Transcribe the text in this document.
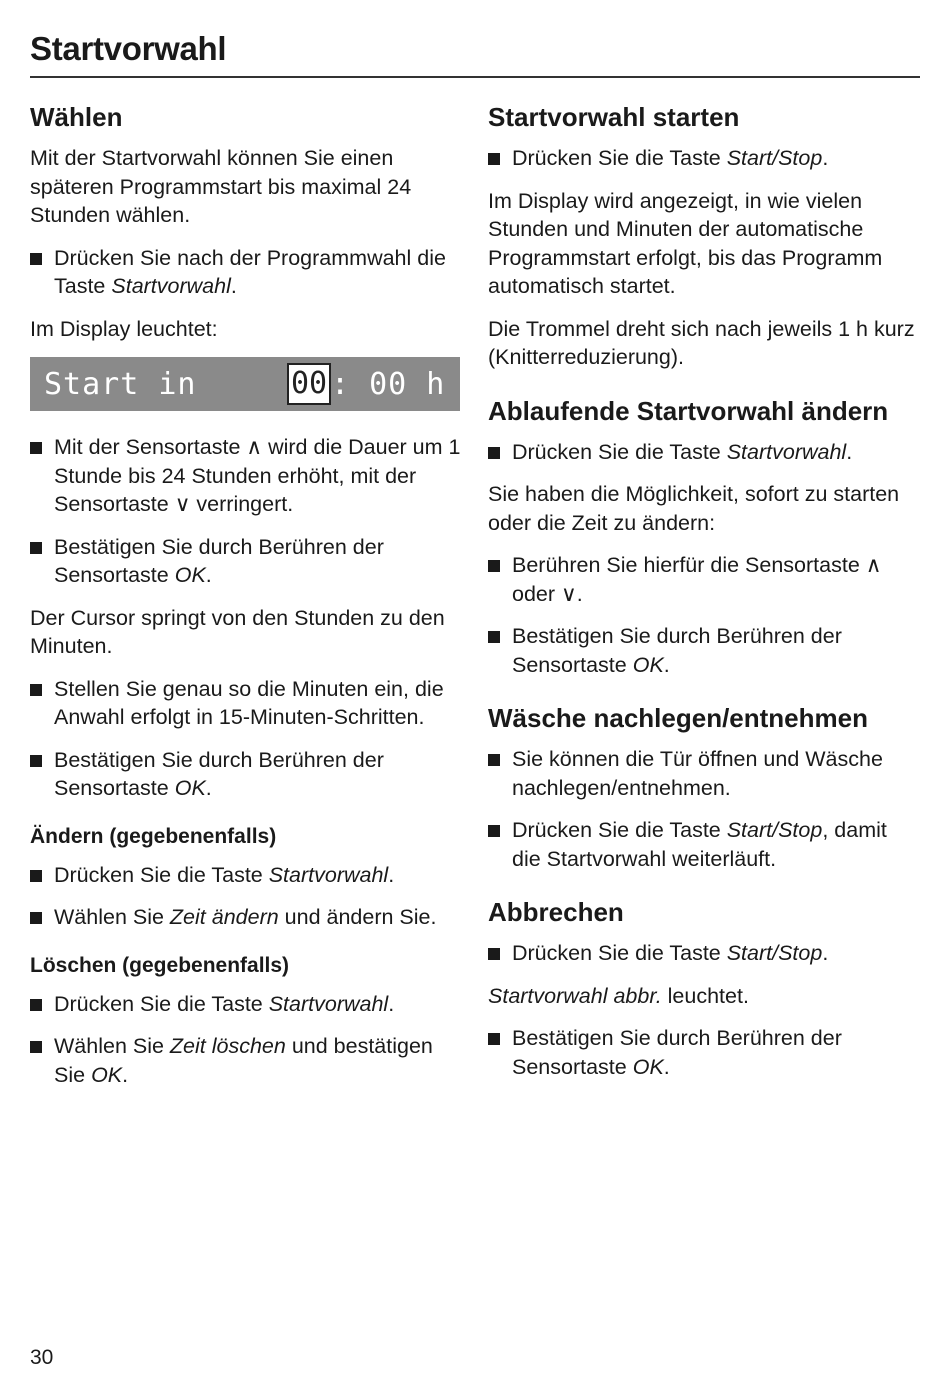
Startvorwahl
Wählen

Mit der Startvorwahl können Sie einen späteren Programmstart bis maximal 24 Stunden wählen.

Drücken Sie nach der Programmwahl die Taste Startvorwahl.

Im Display leuchtet:

Start in	00 : 00 h
Mit der Sensortaste ∧ wird die Dauer um 1 Stunde bis 24 Stunden erhöht, mit der Sensortaste ∨ verringert.
Bestätigen Sie durch Berühren der Sensortaste OK.

Der Cursor springt von den Stunden zu den Minuten.

Stellen Sie genau so die Minuten ein, die Anwahl erfolgt in 15-Minuten-Schritten.
Bestätigen Sie durch Berühren der Sensortaste OK.
Ändern (gegebenenfalls)
Drücken Sie die Taste Startvorwahl.
Wählen Sie Zeit ändern und ändern Sie.
Löschen (gegebenenfalls)
Drücken Sie die Taste Startvorwahl.
Wählen Sie Zeit löschen und bestätigen Sie OK.
Startvorwahl starten
Drücken Sie die Taste Start/Stop.

Im Display wird angezeigt, in wie vielen Stunden und Minuten der automatische Programmstart erfolgt, bis das Programm automatisch startet.

Die Trommel dreht sich nach jeweils 1 h kurz (Knitterreduzierung).

Ablaufende Startvorwahl ändern
Drücken Sie die Taste Startvorwahl.

Sie haben die Möglichkeit, sofort zu starten oder die Zeit zu ändern:

Berühren Sie hierfür die Sensortaste ∧ oder ∨.
Bestätigen Sie durch Berühren der Sensortaste OK.
Wäsche nachlegen/entnehmen
Sie können die Tür öffnen und Wäsche nachlegen/entnehmen.
Drücken Sie die Taste Start/Stop, damit die Startvorwahl weiterläuft.
Abbrechen
Drücken Sie die Taste Start/Stop.

Startvorwahl abbr. leuchtet.

Bestätigen Sie durch Berühren der Sensortaste OK.
30
